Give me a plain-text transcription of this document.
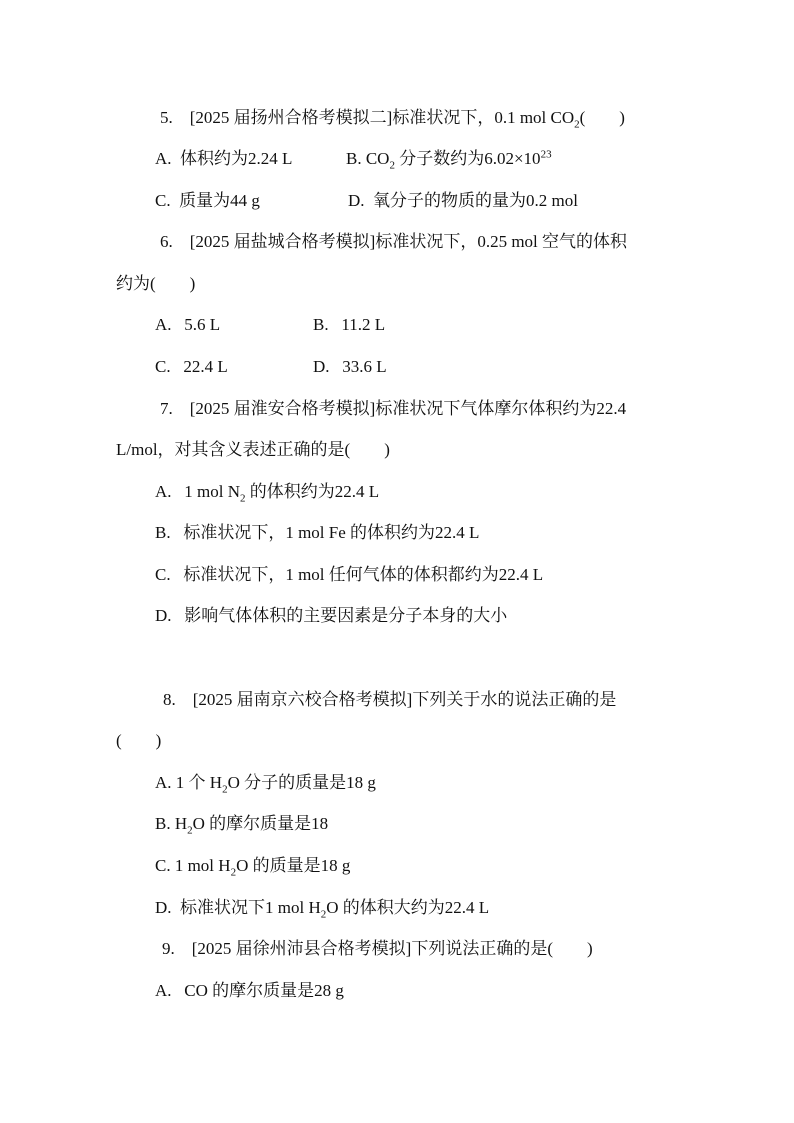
5.　[2025 届扬州合格考模拟二]标准状况下，0.1 mol $CO_2$(　　)
A.  体积约为2.24 L	B. $CO_2$ 分子数约为$6.02\times 10^{23}$
C.  质量为44 g	D.  氧分子的物质的量为0.2 mol
6.　[2025 届盐城合格考模拟]标准状况下，0.25 mol 空气的体积
约为(　　)
A.   5.6 L	B.   11.2 L
C.   22.4 L	D.   33.6 L
7.　[2025 届淮安合格考模拟]标准状况下气体摩尔体积约为22.4
L/mol，对其含义表述正确的是(　　)
A.   1 mol $N_2$ 的体积约为22.4 L
B.   标准状况下，1 mol Fe 的体积约为22.4 L
C.   标准状况下，1 mol 任何气体的体积都约为22.4 L
D.   影响气体体积的主要因素是分子本身的大小
8.　[2025 届南京六校合格考模拟]下列关于水的说法正确的是
(　　)
A. 1 个 $H_2O$ 分子的质量是18 g
B. $H_2O$ 的摩尔质量是18
C. 1 mol $H_2O$ 的质量是18 g
D.  标准状况下1 mol $H_2O$ 的体积大约为22.4 L
9.　[2025 届徐州沛县合格考模拟]下列说法正确的是(　　)
A.   CO 的摩尔质量是28 g
